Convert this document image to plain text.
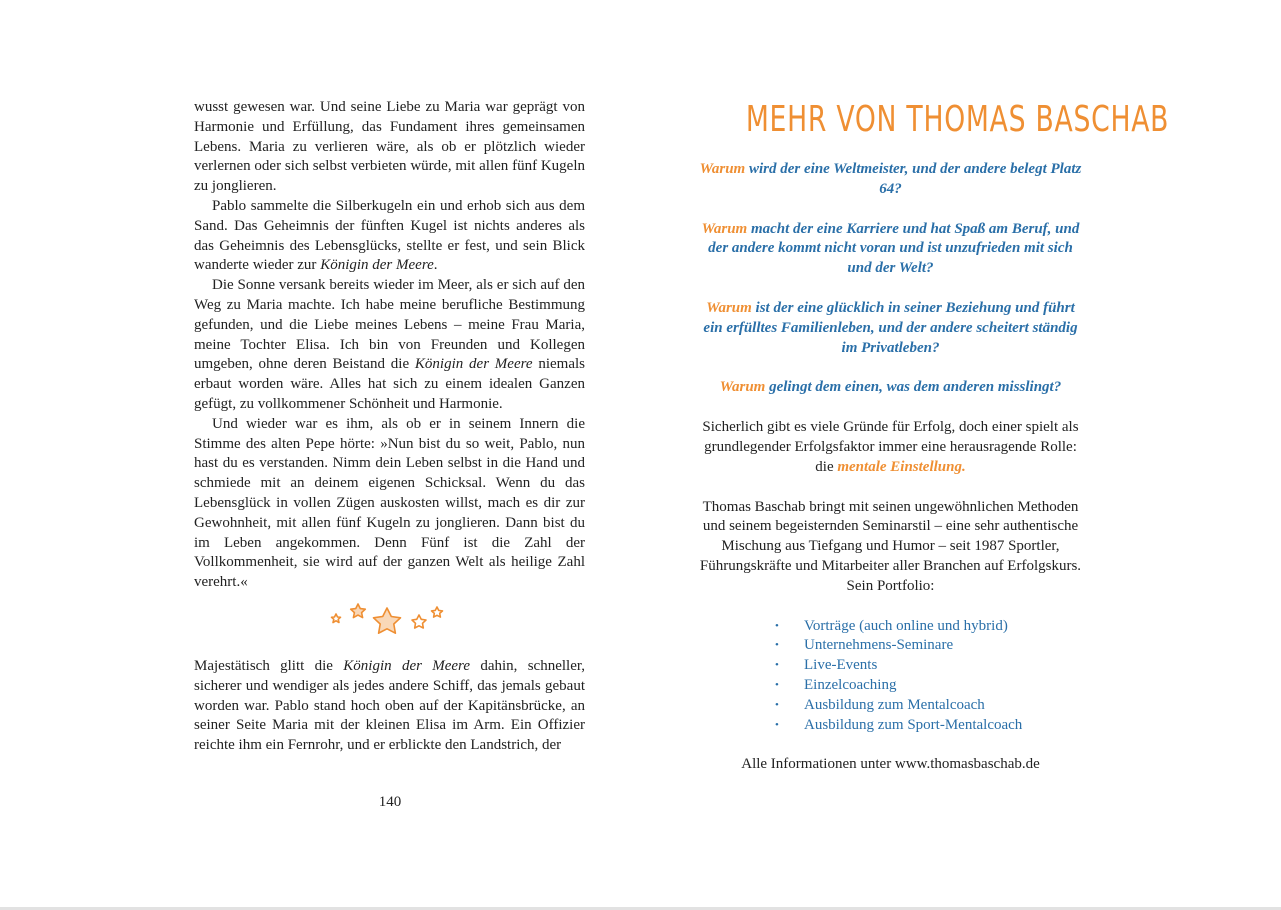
wusst gewesen war. Und seine Liebe zu Maria war geprägt von Harmonie und Erfüllung, das Fundament ihres gemeinsamen Lebens. Maria zu verlieren wäre, als ob er plötzlich wieder verlernen oder sich selbst verbieten würde, mit allen fünf Kugeln zu jonglieren.

Pablo sammelte die Silberkugeln ein und erhob sich aus dem Sand. Das Geheimnis der fünften Kugel ist nichts anderes als das Geheimnis des Lebensglücks, stellte er fest, und sein Blick wanderte wieder zur Königin der Meere.

Die Sonne versank bereits wieder im Meer, als er sich auf den Weg zu Maria machte. Ich habe meine berufliche Bestimmung gefunden, und die Liebe meines Lebens – meine Frau Maria, meine Tochter Elisa. Ich bin von Freunden und Kollegen umgeben, ohne deren Beistand die Königin der Meere niemals erbaut worden wäre. Alles hat sich zu einem idealen Ganzen gefügt, zu vollkommener Schönheit und Harmonie.

Und wieder war es ihm, als ob er in seinem Innern die Stimme des alten Pepe hörte: »Nun bist du so weit, Pablo, nun hast du es verstanden. Nimm dein Leben selbst in die Hand und schmiede mit an deinem eigenen Schicksal. Wenn du das Lebensglück in vollen Zügen auskosten willst, mach es dir zur Gewohnheit, mit allen fünf Kugeln zu jonglieren. Dann bist du im Leben angekommen. Denn Fünf ist die Zahl der Vollkommenheit, sie wird auf der ganzen Welt als heilige Zahl verehrt.«

Majestätisch glitt die Königin der Meere dahin, schneller, sicherer und wendiger als jedes andere Schiff, das jemals gebaut worden war. Pablo stand hoch oben auf der Kapitänsbrücke, an seiner Seite Maria mit der kleinen Elisa im Arm. Ein Offizier reichte ihm ein Fernrohr, und er erblickte den Landstrich, der

140
MEHR VON THOMAS BASCHAB

Warum wird der eine Weltmeister, und der andere belegt Platz 64?

Warum macht der eine Karriere und hat Spaß am Beruf, und der andere kommt nicht voran und ist unzufrieden mit sich und der Welt?

Warum ist der eine glücklich in seiner Beziehung und führt ein erfülltes Familienleben, und der andere scheitert ständig im Privatleben?

Warum gelingt dem einen, was dem anderen misslingt?

Sicherlich gibt es viele Gründe für Erfolg, doch einer spielt als grundlegender Erfolgsfaktor immer eine herausragende Rolle: die mentale Einstellung.

Thomas Baschab bringt mit seinen ungewöhnlichen Methoden und seinem begeisternden Seminarstil – eine sehr authentische Mischung aus Tiefgang und Humor – seit 1987 Sportler, Führungskräfte und Mitarbeiter aller Branchen auf Erfolgskurs. Sein Portfolio:

•	Vorträge (auch online und hybrid)
•	Unternehmens-Seminare
•	Live-Events
•	Einzelcoaching
•	Ausbildung zum Mentalcoach
•	Ausbildung zum Sport-Mentalcoach

Alle Informationen unter www.thomasbaschab.de
